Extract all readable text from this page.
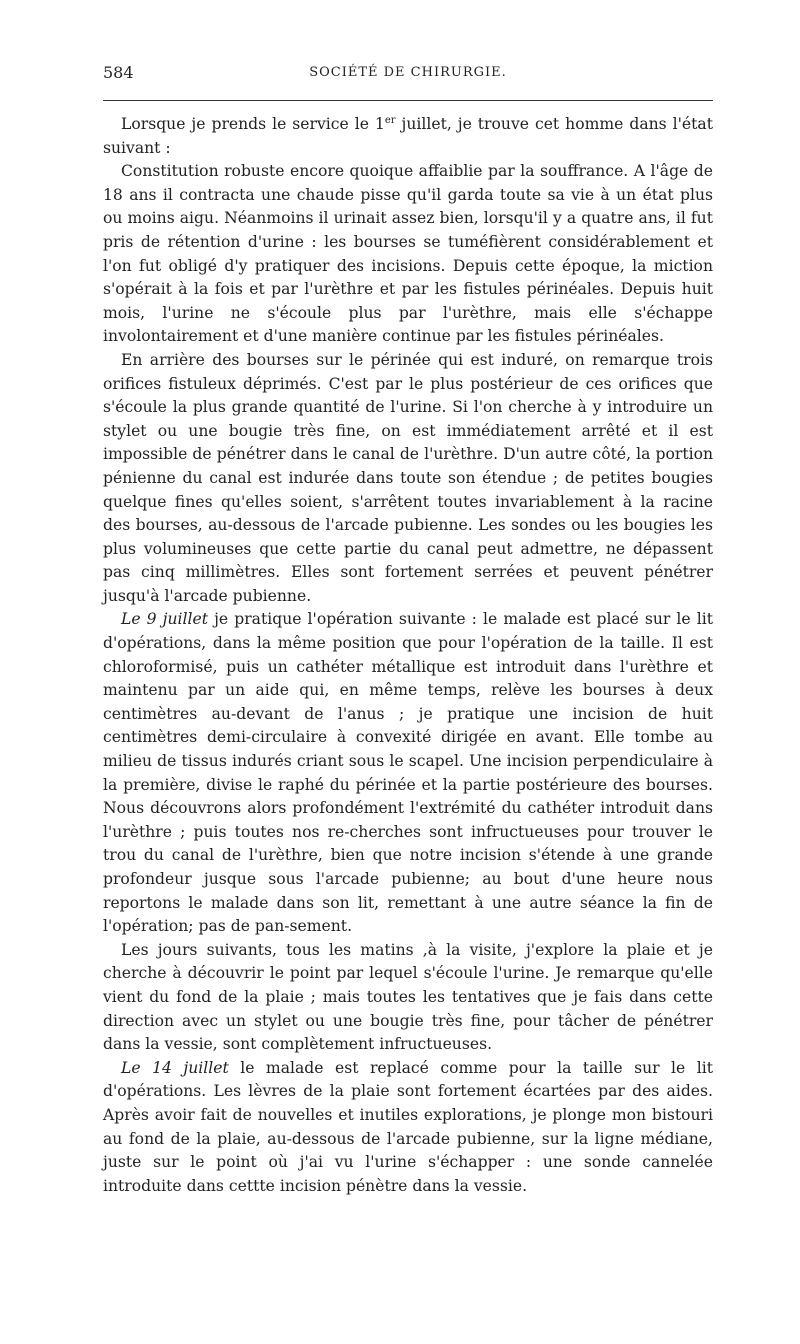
584	SOCIÉTÉ DE CHIRURGIE.

Lorsque je prends le service le 1er juillet, je trouve cet homme dans l'état suivant :

Constitution robuste encore quoique affaiblie par la souffrance. A l'âge de 18 ans il contracta une chaude pisse qu'il garda toute sa vie à un état plus ou moins aigu. Néanmoins il urinait assez bien, lorsqu'il y a quatre ans, il fut pris de rétention d'urine : les bourses se tuméfièrent considérablement et l'on fut obligé d'y pratiquer des incisions. Depuis cette époque, la miction s'opérait à la fois et par l'urèthre et par les fistules périnéales. Depuis huit mois, l'urine ne s'écoule plus par l'urèthre, mais elle s'échappe involontairement et d'une manière continue par les fistules périnéales.

En arrière des bourses sur le périnée qui est induré, on remarque trois orifices fistuleux déprimés. C'est par le plus postérieur de ces orifices que s'écoule la plus grande quantité de l'urine. Si l'on cherche à y introduire un stylet ou une bougie très fine, on est immédiatement arrêté et il est impossible de pénétrer dans le canal de l'urèthre. D'un autre côté, la portion pénienne du canal est indurée dans toute son étendue ; de petites bougies quelque fines qu'elles soient, s'arrêtent toutes invariablement à la racine des bourses, au-dessous de l'arcade pubienne. Les sondes ou les bougies les plus volumineuses que cette partie du canal peut admettre, ne dépassent pas cinq millimètres. Elles sont fortement serrées et peuvent pénétrer jusqu'à l'arcade pubienne.

Le 9 juillet je pratique l'opération suivante : le malade est placé sur le lit d'opérations, dans la même position que pour l'opération de la taille. Il est chloroformisé, puis un cathéter métallique est introduit dans l'urèthre et maintenu par un aide qui, en même temps, relève les bourses à deux centimètres au-devant de l'anus ; je pratique une incision de huit centimètres demi-circulaire à convexité dirigée en avant. Elle tombe au milieu de tissus indurés criant sous le scapel. Une incision perpendiculaire à la première, divise le raphé du périnée et la partie postérieure des bourses. Nous découvrons alors profondément l'extrémité du cathéter introduit dans l'urèthre ; puis toutes nos re-cherches sont infructueuses pour trouver le trou du canal de l'urèthre, bien que notre incision s'étende à une grande profondeur jusque sous l'arcade pubienne; au bout d'une heure nous reportons le malade dans son lit, remettant à une autre séance la fin de l'opération; pas de pan-sement.

Les jours suivants, tous les matins ,à la visite, j'explore la plaie et je cherche à découvrir le point par lequel s'écoule l'urine. Je remarque qu'elle vient du fond de la plaie ; mais toutes les tentatives que je fais dans cette direction avec un stylet ou une bougie très fine, pour tâcher de pénétrer dans la vessie, sont complètement infructueuses.

Le 14 juillet le malade est replacé comme pour la taille sur le lit d'opérations. Les lèvres de la plaie sont fortement écartées par des aides. Après avoir fait de nouvelles et inutiles explorations, je plonge mon bistouri au fond de la plaie, au-dessous de l'arcade pubienne, sur la ligne médiane, juste sur le point où j'ai vu l'urine s'échapper : une sonde cannelée introduite dans cettte incision pénètre dans la vessie.
